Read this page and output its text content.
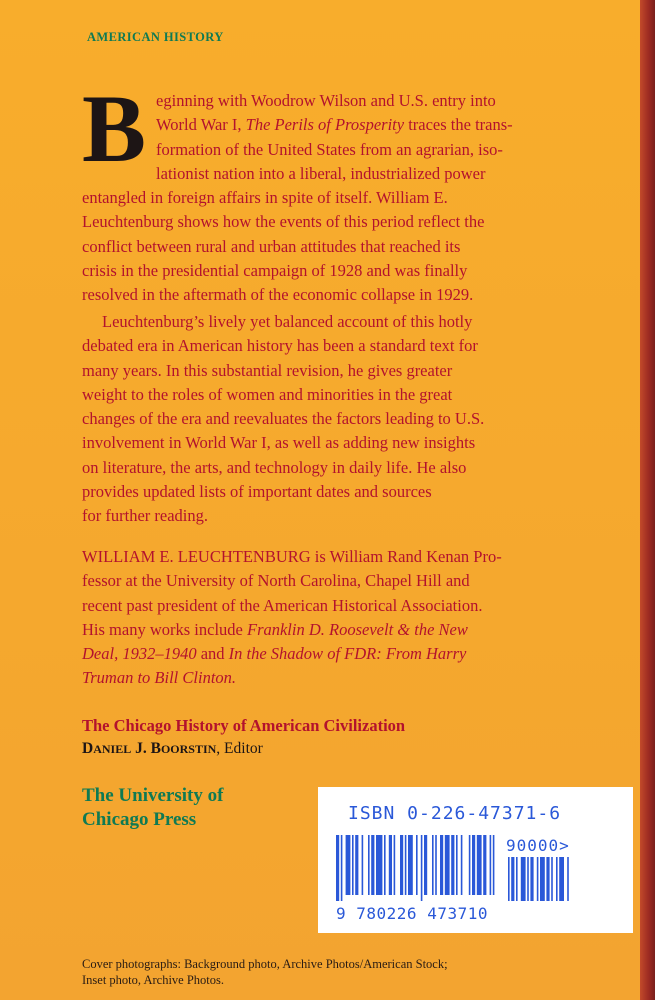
AMERICAN HISTORY
B eginning with Woodrow Wilson and U.S. entry into
World War I, The Perils of Prosperity traces the trans-
formation of the United States from an agrarian, iso-
lationist nation into a liberal, industrialized power
entangled in foreign affairs in spite of itself. William E.
Leuchtenburg shows how the events of this period reflect the
conflict between rural and urban attitudes that reached its
crisis in the presidential campaign of 1928 and was finally
resolved in the aftermath of the economic collapse in 1929.

Leuchtenburg’s lively yet balanced account of this hotly
debated era in American history has been a standard text for
many years. In this substantial revision, he gives greater
weight to the roles of women and minorities in the great
changes of the era and reevaluates the factors leading to U.S.
involvement in World War I, as well as adding new insights
on literature, the arts, and technology in daily life. He also
provides updated lists of important dates and sources
for further reading.

WILLIAM E. LEUCHTENBURG is William Rand Kenan Pro-
fessor at the University of North Carolina, Chapel Hill and
recent past president of the American Historical Association.
His many works include Franklin D. Roosevelt & the New
Deal, 1932–1940 and In the Shadow of FDR: From Harry
Truman to Bill Clinton.

The Chicago History of American Civilization
DANIEL J. BOORSTIN, Editor
The University of
Chicago Press	ISBN 0-226-47371-6
90000>
9 780226 473710
Cover photographs: Background photo, Archive Photos/American Stock;
Inset photo, Archive Photos.
